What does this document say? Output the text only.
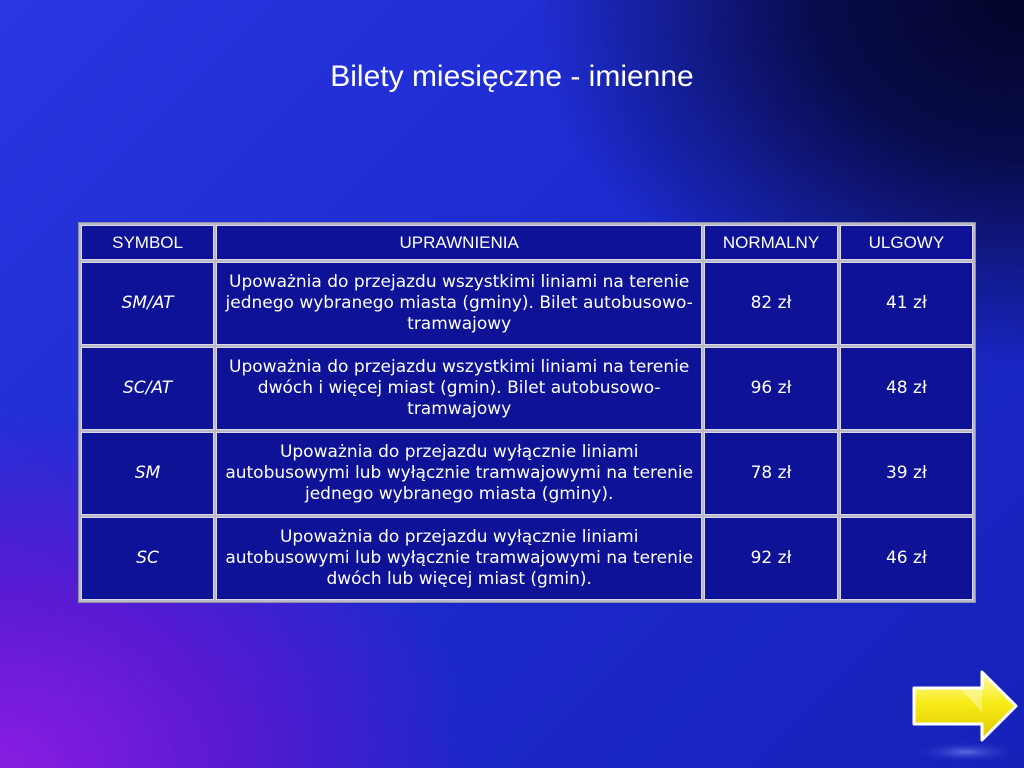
Bilety miesięczne - imienne
SYMBOL	UPRAWNIENIA	NORMALNY	ULGOWY
SM/AT	Upoważnia do przejazdu wszystkimi liniami na terenie jednego wybranego miasta (gminy). Bilet autobusowo-tramwajowy	82 zł	41 zł
SC/AT	Upoważnia do przejazdu wszystkimi liniami na terenie dwóch i więcej miast (gmin). Bilet autobusowo-tramwajowy	96 zł	48 zł
SM	Upoważnia do przejazdu wyłącznie liniami autobusowymi lub wyłącznie tramwajowymi na terenie jednego wybranego miasta (gminy).	78 zł	39 zł
SC	Upoważnia do przejazdu wyłącznie liniami autobusowymi lub wyłącznie tramwajowymi na terenie dwóch lub więcej miast (gmin).	92 zł	46 zł
